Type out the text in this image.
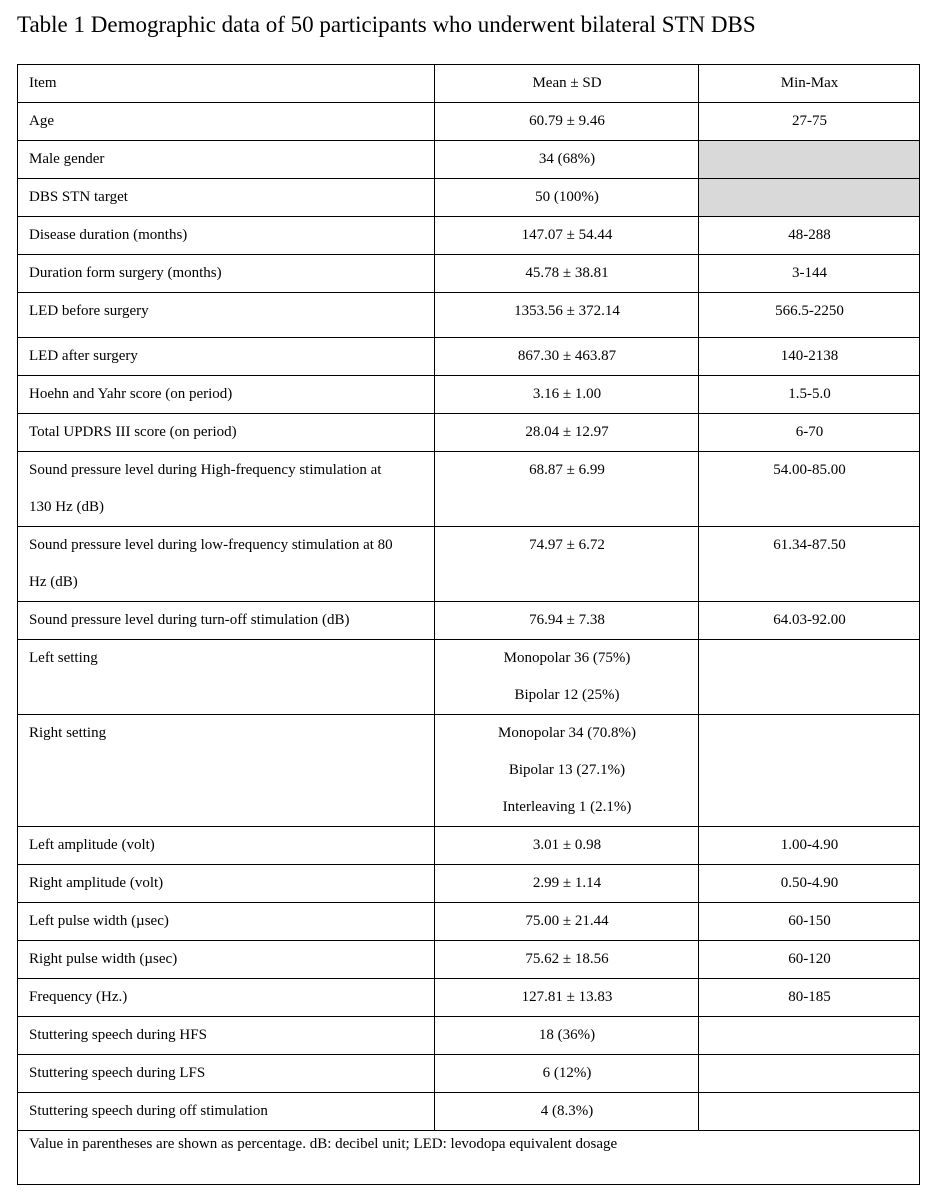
Table 1 Demographic data of 50 participants who underwent bilateral STN DBS
Item	Mean ± SD	Min-Max

Age	60.79 ± 9.46	27-75

Male gender	34 (68%)	

DBS STN target	50 (100%)	

Disease duration (months)	147.07 ± 54.44	48-288

Duration form surgery (months)	45.78 ± 38.81	3-144

LED before surgery	1353.56 ± 372.14	566.5-2250

LED after surgery	867.30 ± 463.87	140-2138

Hoehn and Yahr score (on period)	3.16 ± 1.00	1.5-5.0

Total UPDRS III score (on period)	28.04 ± 12.97	6-70

Sound pressure level during High-frequency stimulation at
130 Hz (dB)	68.87 ± 6.99	54.00-85.00

Sound pressure level during low-frequency stimulation at 80
Hz (dB)	74.97 ± 6.72	61.34-87.50

Sound pressure level during turn-off stimulation (dB)	76.94 ± 7.38	64.03-92.00

Left setting	Monopolar 36 (75%)
Bipolar 12 (25%)	

Right setting	Monopolar 34 (70.8%)
Bipolar 13 (27.1%)
Interleaving 1 (2.1%)	

Left amplitude (volt)	3.01 ± 0.98	1.00-4.90

Right amplitude (volt)	2.99 ± 1.14	0.50-4.90

Left pulse width (µsec)	75.00 ± 21.44	60-150

Right pulse width (µsec)	75.62 ± 18.56	60-120

Frequency (Hz.)	127.81 ± 13.83	80-185

Stuttering speech during HFS	18 (36%)	

Stuttering speech during LFS	6 (12%)	

Stuttering speech during off stimulation	4 (8.3%)	

Value in parentheses are shown as percentage. dB: decibel unit; LED: levodopa equivalent dosage		
